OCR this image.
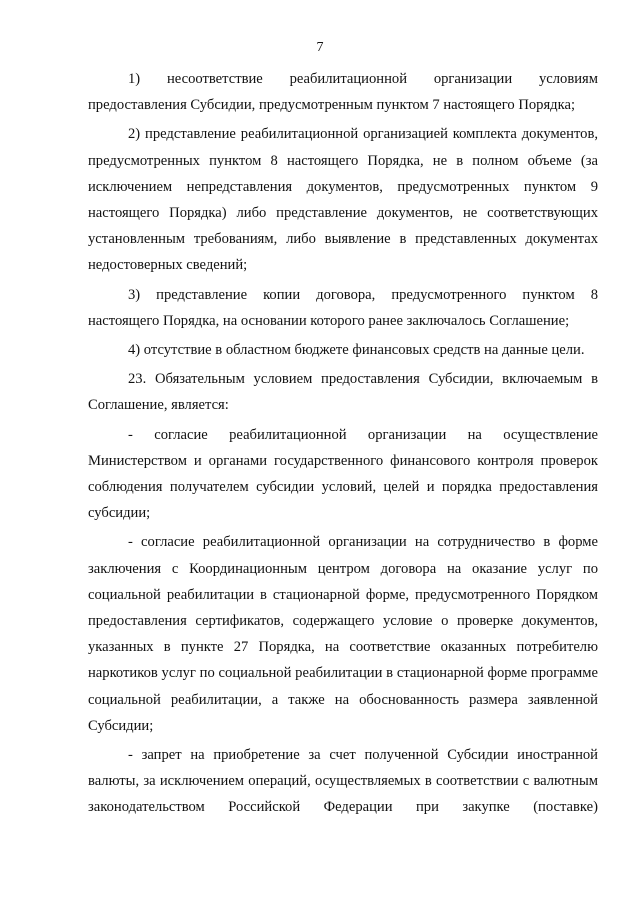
7

1) несоответствие реабилитационной организации условиям предоставления Субсидии, предусмотренным пунктом 7 настоящего Порядка;

2) представление реабилитационной организацией комплекта документов, предусмотренных пунктом 8 настоящего Порядка, не в полном объеме (за исключением непредставления документов, предусмотренных пунктом 9 настоящего Порядка) либо представление документов, не соответствующих установленным требованиям, либо выявление в представленных документах недостоверных сведений;

3) представление копии договора, предусмотренного пунктом 8 настоящего Порядка, на основании которого ранее заключалось Соглашение;

4) отсутствие в областном бюджете финансовых средств на данные цели.

23. Обязательным условием предоставления Субсидии, включаемым в Соглашение, является:

- согласие реабилитационной организации на осуществление Министерством и органами государственного финансового контроля проверок соблюдения получателем субсидии условий, целей и порядка предоставления субсидии;

- согласие реабилитационной организации на сотрудничество в форме заключения с Координационным центром договора на оказание услуг по социальной реабилитации в стационарной форме, предусмотренного Порядком предоставления сертификатов, содержащего условие о проверке документов, указанных в пункте 27 Порядка, на соответствие оказанных потребителю наркотиков услуг по социальной реабилитации в стационарной форме программе социальной реабилитации, а также на обоснованность размера заявленной Субсидии;

- запрет на приобретение за счет полученной Субсидии иностранной валюты, за исключением операций, осуществляемых в соответствии с валютным законодательством Российской Федерации при закупке (поставке)
